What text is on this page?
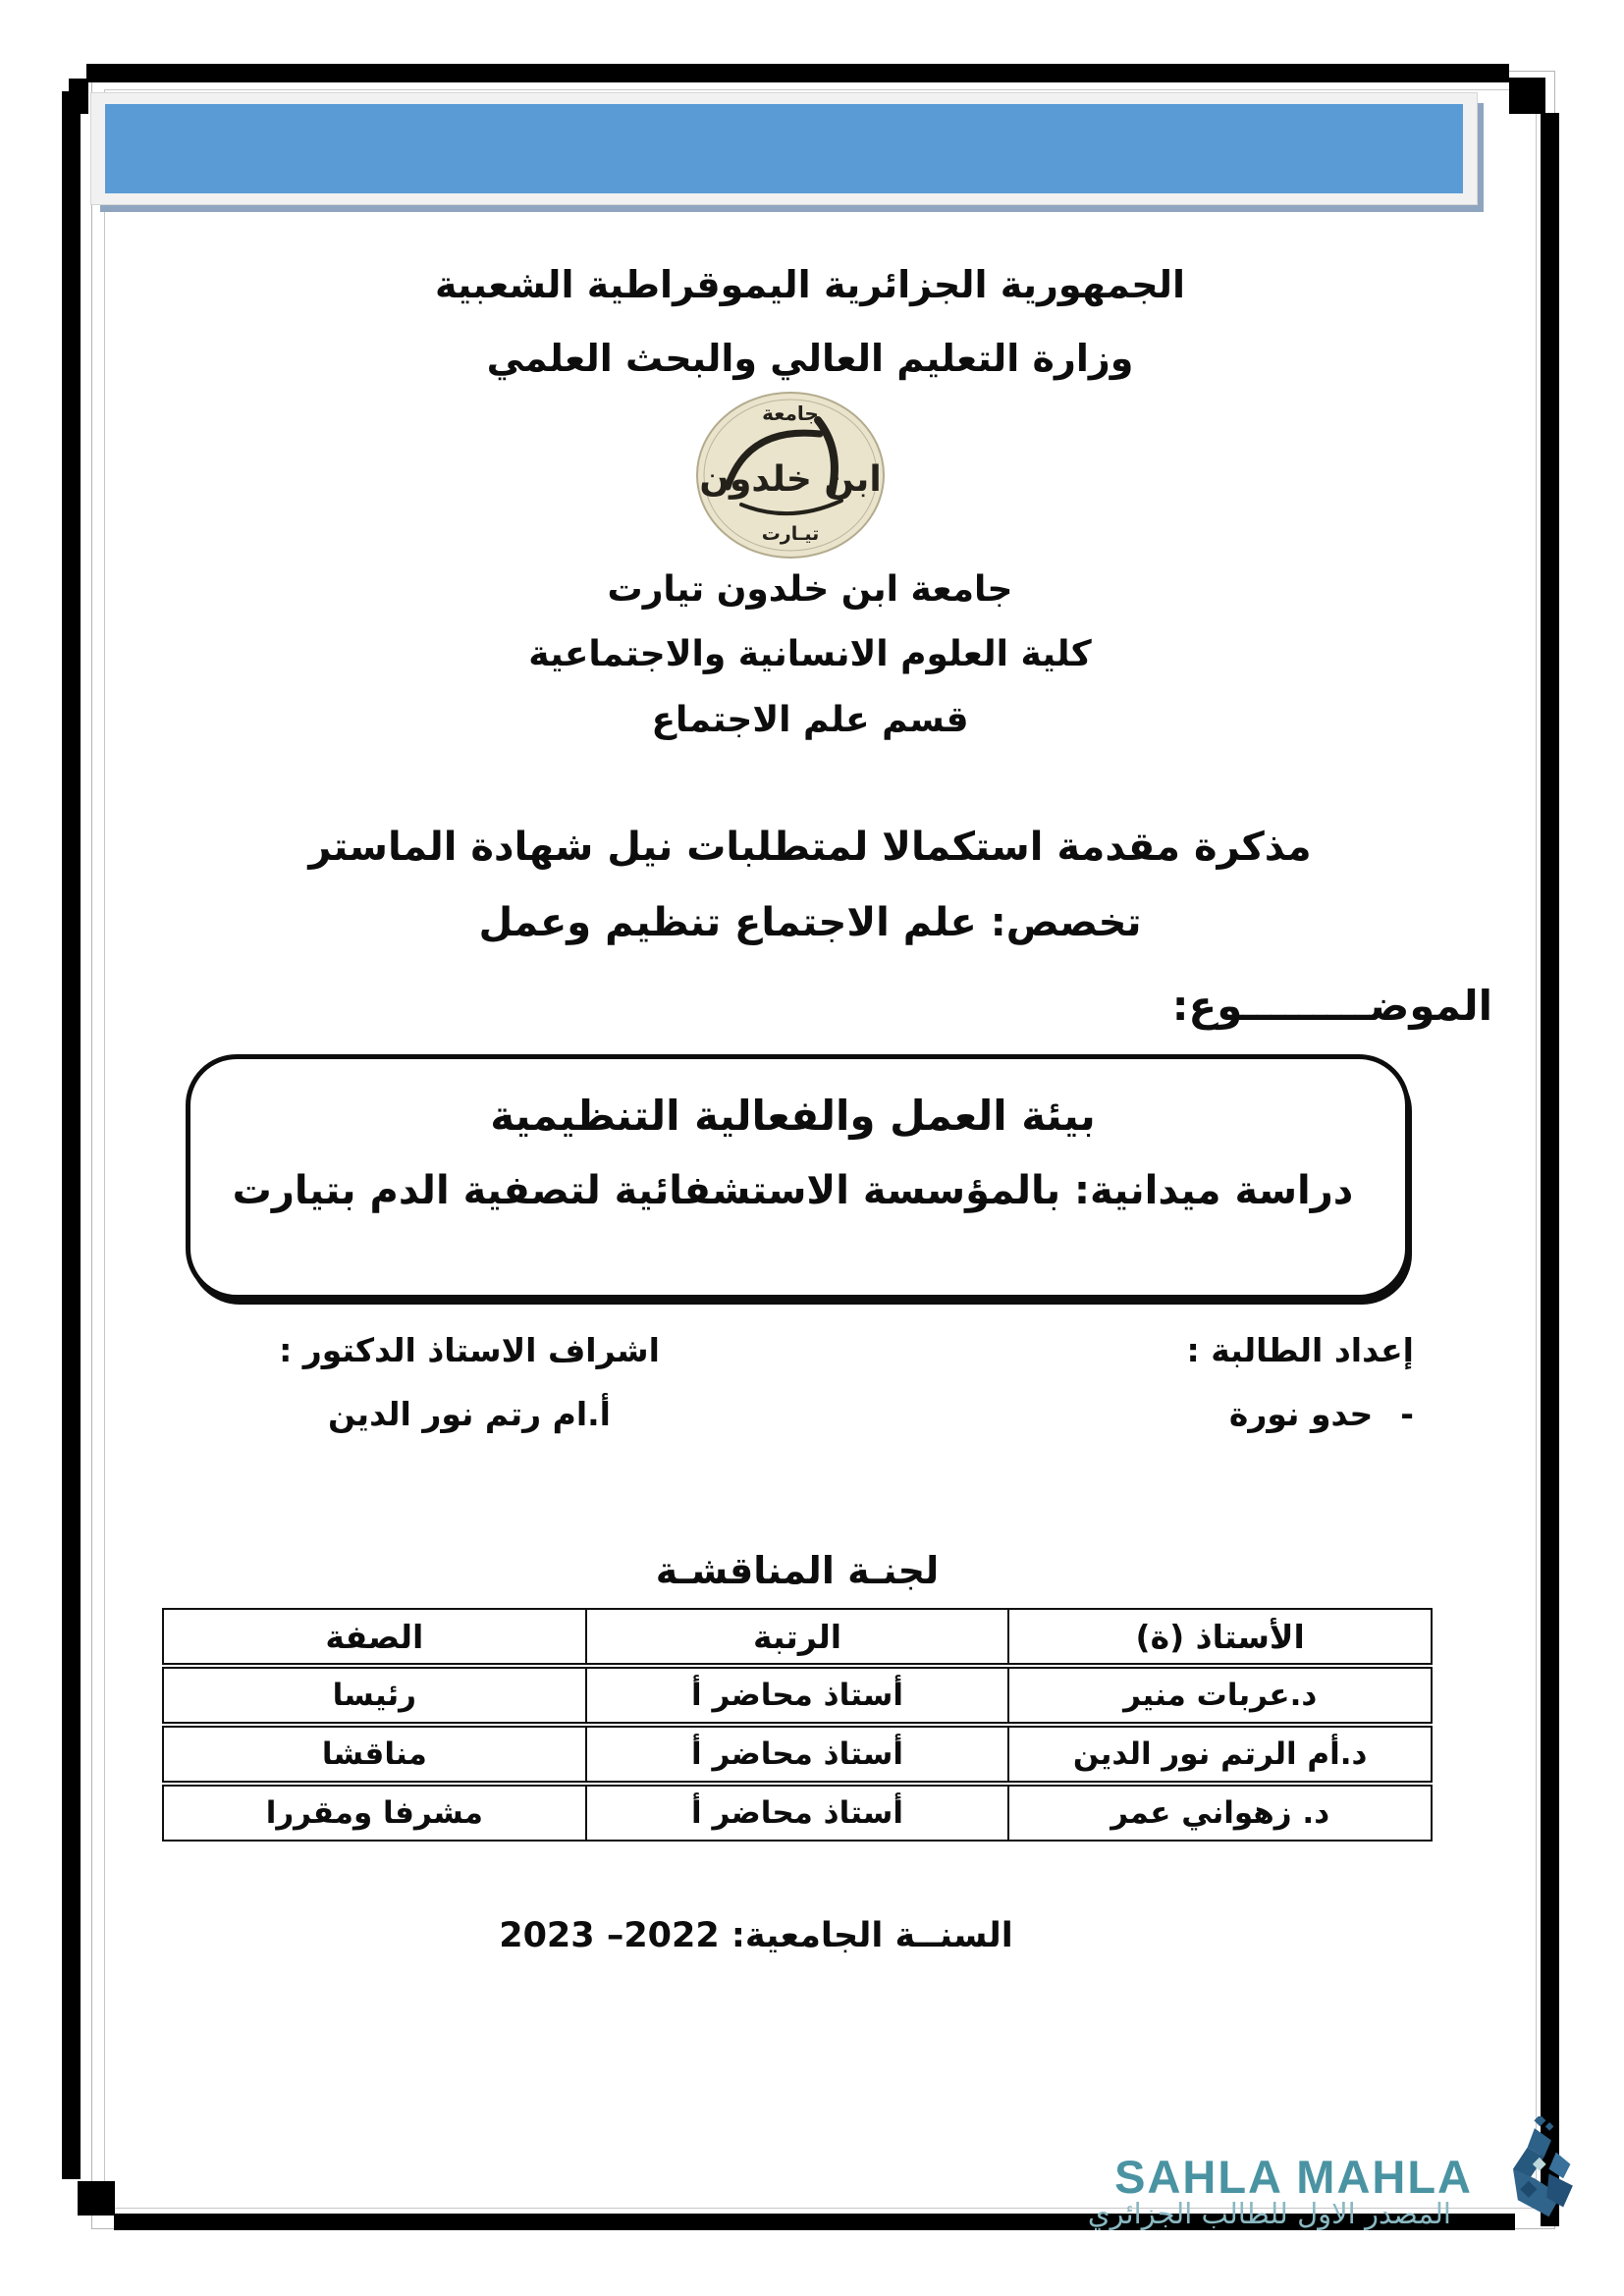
الجمهورية الجزائرية اليموقراطية الشعبية
وزارة التعليم العالي والبحث العلمي
جامعة
ابن خلدون
تيـارت
جامعة ابن خلدون تيارت
كلية العلوم الانسانية والاجتماعية
قسم علم الاجتماع
مذكرة مقدمة استكمالا لمتطلبات نيل شهادة الماستر
تخصص: علم الاجتماع تنظيم وعمل
الموضـــــــــوع:
بيئة العمل والفعالية التنظيمية
دراسة ميدانية: بالمؤسسة الاستشفائية لتصفية الدم بتيارت
إعداد الطالبة :
-
حدو نورة
اشراف الاستاذ الدكتور :
أ.ام رتم نور الدين
لجنـة المناقشـة
الأستاذ (ة)	الرتبة	الصفة
د.عربات منير	أستاذ محاضر أ	رئيسا
د.أم الرتم نور الدين	أستاذ محاضر أ	مناقشا
د. زهواني عمر	أستاذ محاضر أ	مشرفا ومقررا
السنــة الجامعية: 2022– 2023
SAHLA MAHLA
المصدر الاول للطالب الجزائري
